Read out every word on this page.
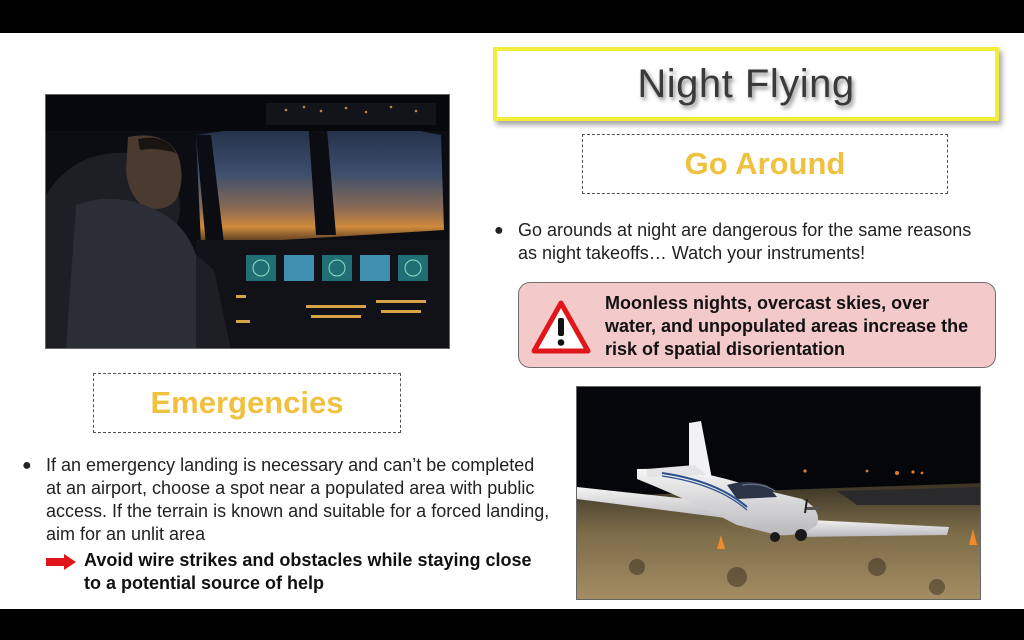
Night Flying
Go Around
● Go arounds at night are dangerous for the same reasons as night takeoffs… Watch your instruments!
Moonless nights, overcast skies, over water, and unpopulated areas increase the risk of spatial disorientation
Emergencies
● If an emergency landing is necessary and can’t be completed at an airport, choose a spot near a populated area with public access. If the terrain is known and suitable for a forced landing, aim for an unlit area
Avoid wire strikes and obstacles while staying close to a potential source of help
